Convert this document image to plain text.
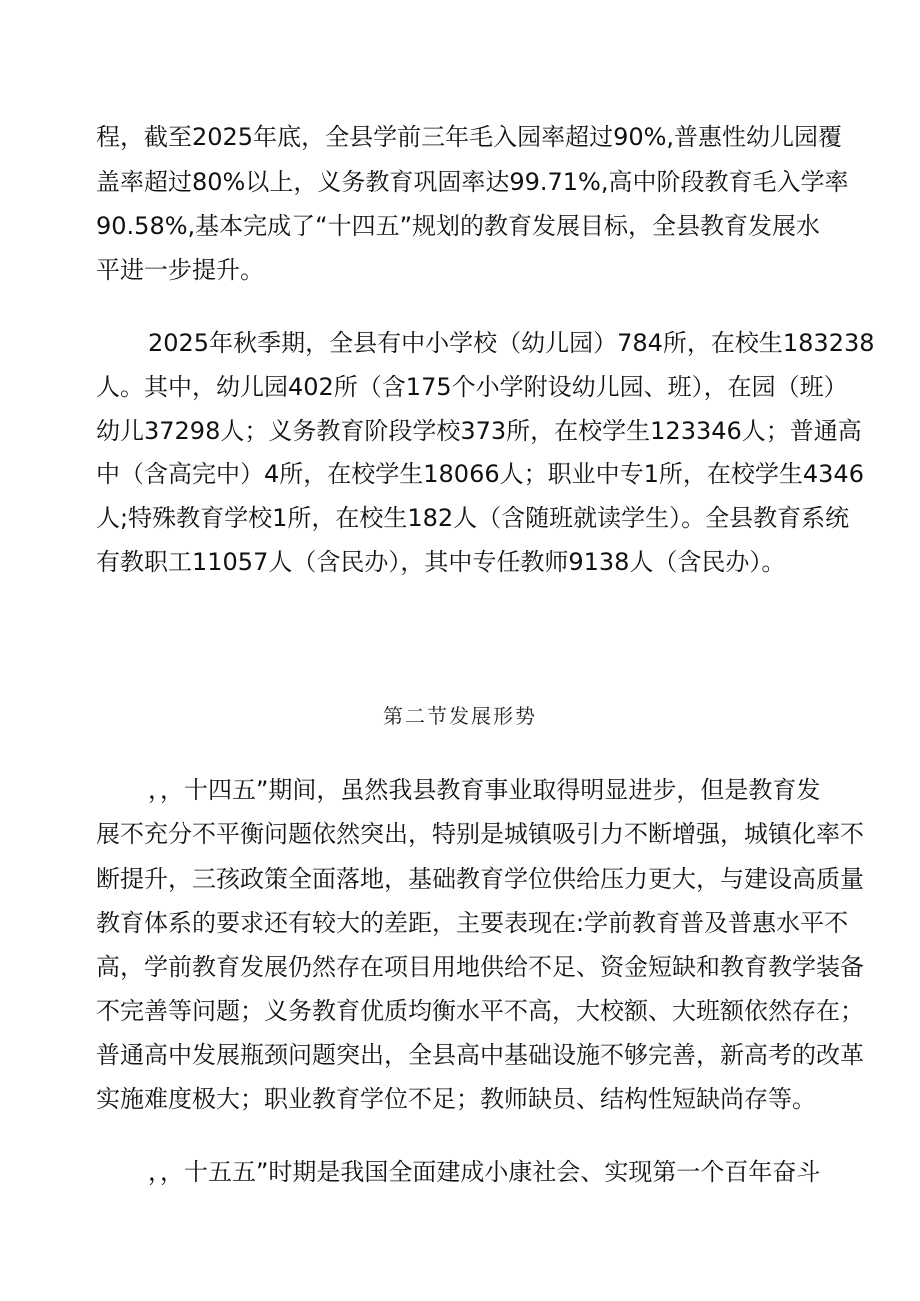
程，截至2025年底，全县学前三年毛入园率超过90%,普惠性幼儿园覆
盖率超过80%以上，义务教育巩固率达99.71%,高中阶段教育毛入学率
90.58%,基本完成了“十四五”规划的教育发展目标，全县教育发展水
平进一步提升。
2025年秋季期，全县有中小学校（幼儿园）784所，在校生183238
人。其中，幼儿园402所（含175个小学附设幼儿园、班），在园（班）
幼儿37298人；义务教育阶段学校373所，在校学生123346人；普通高
中（含高完中）4所，在校学生18066人；职业中专1所，在校学生4346
人;特殊教育学校1所，在校生182人（含随班就读学生）。全县教育系统
有教职工11057人（含民办），其中专任教师9138人（含民办）。
第二节发展形势
，，十四五”期间，虽然我县教育事业取得明显进步，但是教育发
展不充分不平衡问题依然突出，特别是城镇吸引力不断增强，城镇化率不
断提升，三孩政策全面落地，基础教育学位供给压力更大，与建设高质量
教育体系的要求还有较大的差距，主要表现在:学前教育普及普惠水平不
高，学前教育发展仍然存在项目用地供给不足、资金短缺和教育教学装备
不完善等问题；义务教育优质均衡水平不高，大校额、大班额依然存在；
普通高中发展瓶颈问题突出，全县高中基础设施不够完善，新高考的改革
实施难度极大；职业教育学位不足；教师缺员、结构性短缺尚存等。
，，十五五”时期是我国全面建成小康社会、实现第一个百年奋斗
